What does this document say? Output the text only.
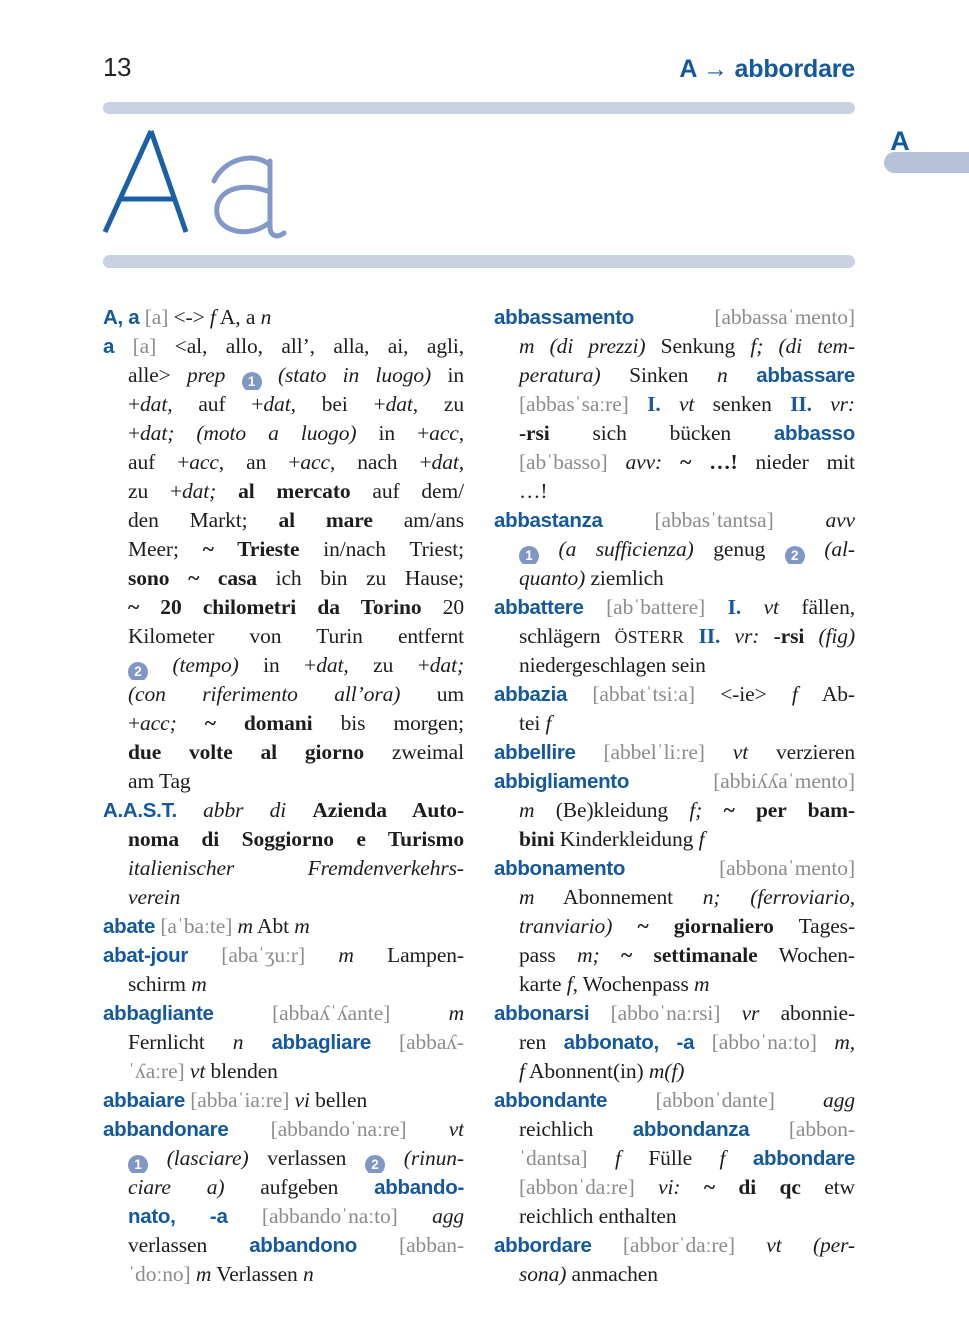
13	A → abbordare
A
A, a [a] <-> f A, a n
a [a] <al, allo, all’, alla, ai, agli,
alle> prep 1 (stato in luogo) in
+dat, auf +dat, bei +dat, zu
+dat; (moto a luogo) in +acc,
auf +acc, an +acc, nach +dat,
zu +dat; al mercato auf dem/
den Markt; al mare am/ans
Meer; ~ Trieste in/nach Triest;
sono ~ casa ich bin zu Hause;
~ 20 chilometri da Torino 20
Kilometer von Turin entfernt
2 (tempo) in +dat, zu +dat;
(con riferimento all’ora) um
+acc; ~ domani bis morgen;
due volte al giorno zweimal
am Tag
A.A.S.T. abbr di Azienda Auto-
noma di Soggiorno e Turismo
italienischer Fremdenverkehrs-
verein
abate [aˈbaːte] m Abt m
abat-jour [abaˈʒuːr] m Lampen-
schirm m
abbagliante	[abbaʎˈʎante]	m
Fernlicht n abbagliare [abbaʎ-
ˈʎaːre] vt blenden
abbaiare [abbaˈiaːre] vi bellen
abbandonare [abbandoˈnaːre] vt
1 (lasciare) verlassen 2 (rinun-
ciare a) aufgeben abbando-
nato, -a [abbandoˈnaːto] agg
verlassen abbandono [abban-
ˈdoːno] m Verlassen n
abbassamento	[abbassaˈmento]
m (di prezzi) Senkung f; (di tem-
peratura) Sinken n abbassare
[abbasˈsaːre] I. vt senken II. vr:
-rsi sich bücken abbasso
[abˈbasso] avv: ~ …! nieder mit
…!
abbastanza [abbasˈtantsa] avv
1 (a sufficienza) genug 2 (al-
quanto) ziemlich
abbattere [abˈbattere] I. vt fällen,
schlägern ÖSTERR II. vr: -rsi (fig)
niedergeschlagen sein
abbazia [abbatˈtsiːa] <-ie> f Ab-
tei f
abbellire [abbelˈliːre] vt verzieren
abbigliamento	[abbiʎʎaˈmento]
m (Be)kleidung f; ~ per bam-
bini Kinderkleidung f
abbonamento	[abbonaˈmento]
m Abonnement n; (ferroviario,
tranviario) ~ giornaliero Tages-
pass m; ~ settimanale Wochen-
karte f, Wochenpass m
abbonarsi [abboˈnaːrsi] vr abonnie-
ren abbonato, -a [abboˈnaːto] m,
f Abonnent(in) m(f)
abbondante [abbonˈdante] agg
reichlich abbondanza [abbon-
ˈdantsa] f Fülle f abbondare
[abbonˈdaːre] vi: ~ di qc etw
reichlich enthalten
abbordare [abborˈdaːre] vt (per-
sona) anmachen
